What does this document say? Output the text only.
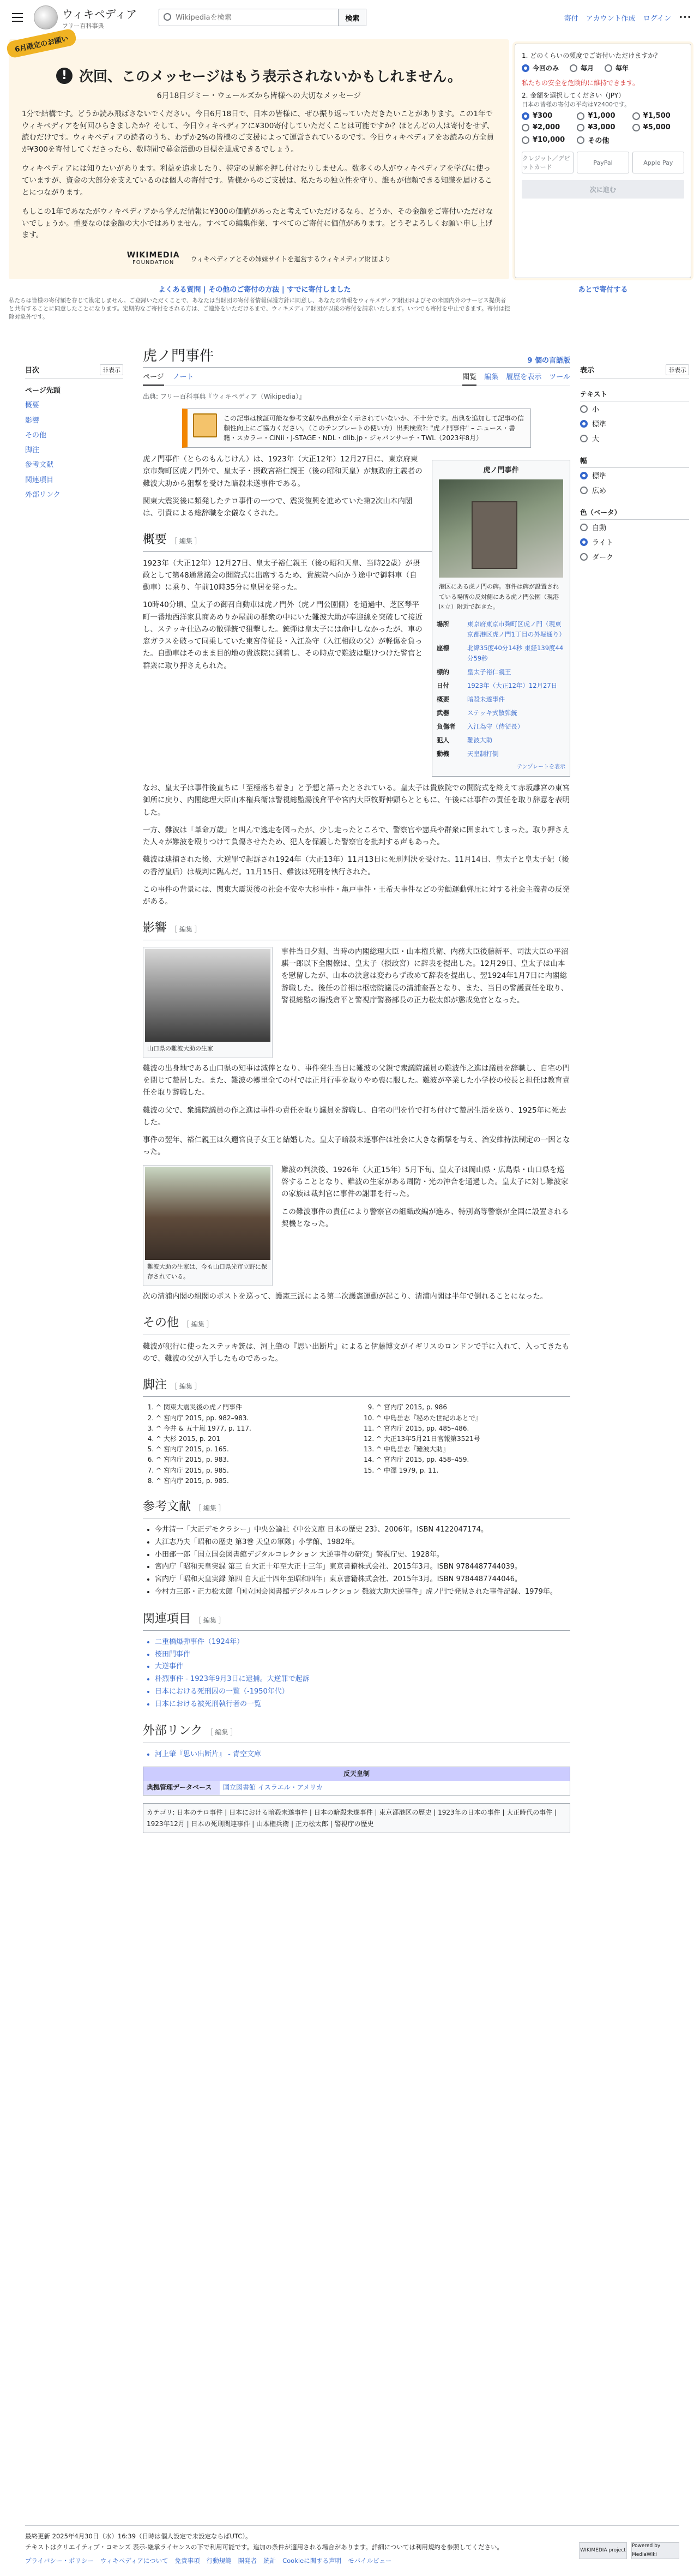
ウィキペディア
フリー百科事典
Wikipediaを検索
検索	寄付 アカウント作成 ログイン •••
6月限定のお願い
! 次回、このメッセージはもう表示されないかもしれません。
6月18日ジミー・ウェールズから皆様への大切なメッセージ

1分で結構です。どうか読み飛ばさないでください。今日6月18日で、日本の皆様に、ぜひ振り返っていただきたいことがあります。この1年でウィキペディアを何回ひらきましたか？そして、今日ウィキペディアに¥300寄付していただくことは可能ですか？ほとんどの人は寄付をせず、読むだけです。ウィキペディアの読者のうち、わずか2%の皆様のご支援によって運営されているのです。今日ウィキペディアをお読みの方全員が¥300を寄付してくださったら、数時間で募金活動の目標を達成できるでしょう。

ウィキペディアには知りたいがあります。利益を追求したり、特定の見解を押し付けたりしません。数多くの人がウィキペディアを学びに使っていますが、資金の大部分を支えているのは個人の寄付です。皆様からのご支援は、私たちの独立性を守り、誰もが信頼できる知識を届けることにつながります。

もしこの1年であなたがウィキペディアから学んだ情報に¥300の価値があったと考えていただけるなら、どうか、その金額をご寄付いただけないでしょうか。重要なのは金額の大小ではありません。すべての編集作業、すべてのご寄付に価値があります。どうぞよろしくお願い申し上げます。

WIKIMEDIA
FOUNDATION
ウィキペディアとその姉妹サイトを運営するウィキメディア財団より
よくある質問 | その他のご寄付の方法 | すでに寄付しました
1. どのくらいの頻度でご寄付いただけますか？
今回のみ	毎月	毎年
私たちの安全を危険的に維持できます。
2. 金額を選択してください（JPY）
日本の皆様の寄付の平均は¥2400です。
¥300	¥1,000	¥1,500
¥2,000	¥3,000	¥5,000
¥10,000	その他
クレジット／デビットカード
PayPal	Apple Pay
次に進む
あとで寄付する
私たちは皆様の寄付額を存じて勘定しません。ご登録いただくことで、あなたは当財団の寄付者情報保護方針に同意し、あなたの情報をウィキメディア財団およびその米国内外のサービス提供者と共有することに同意したことになります。定期的なご寄付をされる方は、ご連絡をいただけるまで、ウィキメディア財団が以後の寄付を請求いたします。いつでも寄付を中止できます。寄付は控除対象外です。
目次	非表示
ページ先頭
概要
影響
その他
脚注
参考文献
関連項目
外部リンク
表示	非表示
テキスト
小
標準
大
幅
標準
広め
色（ベータ）
自動
ライト
ダーク
虎ノ門事件	9 個の言語版
ページ ノート	閲覧 編集 履歴を表示 ツール
出典: フリー百科事典『ウィキペディア（Wikipedia）』
この記事は検証可能な参考文献や出典が全く示されていないか、不十分です。出典を追加して記事の信頼性向上にご協力ください。（このテンプレートの使い方）出典検索?: "虎ノ門事件" – ニュース・書籍・スカラー・CiNii・J-STAGE・NDL・dlib.jp・ジャパンサーチ・TWL（2023年8月）
虎ノ門事件
港区にある虎ノ門の碑。事件は碑が設置されている場所の反対側にある虎ノ門公園（現港区立）附近で起きた。
場所	東京府東京市麹町区虎ノ門（現東京都港区虎ノ門1丁目の外堀通り）
座標	北緯35度40分14秒 東経139度44分59秒
標的	皇太子裕仁親王
日付	1923年（大正12年）12月27日
概要	暗殺未遂事件
武器	ステッキ式散弾銃
負傷者	入江為守（侍従長）
犯人	難波大助
動機	天皇制打倒
テンプレートを表示

虎ノ門事件（とらのもんじけん）は、1923年（大正12年）12月27日に、東京府東京市麹町区虎ノ門外で、皇太子・摂政宮裕仁親王（後の昭和天皇）が無政府主義者の難波大助から狙撃を受けた暗殺未遂事件である。

関東大震災後に頻発したテロ事件の一つで、震災復興を進めていた第2次山本内閣は、引責による総辞職を余儀なくされた。

概要 ［ 編集 ］

1923年（大正12年）12月27日、皇太子裕仁親王（後の昭和天皇、当時22歳）が摂政として第48通常議会の開院式に出席するため、貴族院へ向かう途中で御料車（自動車）に乗り、午前10時35分に皇居を発った。

10時40分頃、皇太子の御召自動車は虎ノ門外（虎ノ門公園側）を通過中、芝区琴平町一番地西洋家具商あめりか屋前の群衆の中にいた難波大助が奉迎線を突破して接近し、ステッキ仕込みの散弾銃で狙撃した。銃弾は皇太子には命中しなかったが、車の窓ガラスを破って同乗していた東宮侍従長・入江為守（入江相政の父）が軽傷を負った。自動車はそのまま目的地の貴族院に到着し、その時点で難波は駆けつけた警官と群衆に取り押さえられた。

なお、皇太子は事件後直ちに「至極落ち着き」と予想と語ったとされている。皇太子は貴族院での開院式を終えて赤坂離宮の東宮御所に戻り、内閣総理大臣山本権兵衛は警視総監湯浅倉平や宮内大臣牧野伸顕らとともに、午後には事件の責任を取り辞意を表明した。

一方、難波は「革命万歳」と叫んで逃走を図ったが、少し走ったところで、警察官や憲兵や群衆に囲まれてしまった。取り押さえた人々が難波を殴りつけて負傷させたため、犯人を保護した警察官を批判する声もあった。

難波は逮捕された後、大逆罪で起訴され1924年（大正13年）11月13日に死刑判決を受けた。11月14日、皇太子と皇太子妃（後の香淳皇后）は裁判に臨んだ。11月15日、難波は死刑を執行された。

この事件の背景には、関東大震災後の社会不安や大杉事件・亀戸事件・王希天事件などの労働運動弾圧に対する社会主義者の反発がある。

影響 ［ 編集 ］
山口県の難波大助の生家

事件当日夕刻、当時の内閣総理大臣・山本権兵衛、内務大臣後藤新平、司法大臣の平沼騏一郎以下全閣僚は、皇太子（摂政宮）に辞表を提出した。12月29日、皇太子は山本を慰留したが、山本の決意は変わらず改めて辞表を提出し、翌1924年1月7日に内閣総辞職した。後任の首相は枢密院議長の清浦奎吾となり、また、当日の警護責任を取り、警視総監の湯浅倉平と警視庁警務部長の正力松太郎が懲戒免官となった。

難波の出身地である山口県の知事は減俸となり、事件発生当日に難波の父親で衆議院議員の難波作之進は議員を辞職し、自宅の門を閉じて蟄居した。また、難波の郷里全ての村では正月行事を取りやめ喪に服した。難波が卒業した小学校の校長と担任は教育責任を取り辞職した。

難波の父で、衆議院議員の作之進は事件の責任を取り議員を辞職し、自宅の門を竹で打ち付けて蟄居生活を送り、1925年に死去した。

事件の翌年、裕仁親王は久邇宮良子女王と結婚した。皇太子暗殺未遂事件は社会に大きな衝撃を与え、治安維持法制定の一因となった。

難波大助の生家は、今も山口県光市立野に保存されている。

難波の判決後、1926年（大正15年）5月下旬、皇太子は岡山県・広島県・山口県を巡啓することとなり、難波の生家がある周防・光の沖合を通過した。皇太子に対し難波家の家族は裁判官に事件の謝罪を行った。

この難波事件の責任により警察官の組織改編が進み、特別高等警察が全国に設置される契機となった。

次の清浦内閣の組閣のポストを巡って、護憲三派による第二次護憲運動が起こり、清浦内閣は半年で倒れることになった。

その他 ［ 編集 ］

難波が犯行に使ったステッキ銃は、河上肇の『思い出断片』によると伊藤博文がイギリスのロンドンで手に入れて、入ってきたもので、難波の父が入手したものであった。

脚注 ［ 編集 ］
1. ^ 関東大震災後の虎ノ門事件
2. ^ 宮内庁 2015, pp. 982–983.
3. ^ 今井 & 五十嵐 1977, p. 117.
4. ^ 大杉 2015, p. 201
5. ^ 宮内庁 2015, p. 165.
6. ^ 宮内庁 2015, p. 983.
7. ^ 宮内庁 2015, p. 985.
8. ^ 宮内庁 2015, p. 985.
9. ^ 宮内庁 2015, p. 986
10. ^ 中島岳志『秘めた世紀のあとで』
11. ^ 宮内庁 2015, pp. 485–486.
12. ^ 大正13年5月21日官報第3521号
13. ^ 中島岳志『難波大助』
14. ^ 宮内庁 2015, pp. 458–459.
15. ^ 中澤 1979, p. 11.
参考文献 ［ 編集 ］
• 今井清一「大正デモクラシー」中央公論社《中公文庫 日本の歴史 23》、2006年。ISBN 4122047174。
• 大江志乃夫「昭和の歴史 第3巻 天皇の軍隊」小学館、1982年。
• 小田部一郎「国立国会図書館デジタルコレクション 大逆事件の研究」警視庁史、1928年。
• 宮内庁「昭和天皇実録 第三 自大正十年至大正十三年」東京書籍株式会社、2015年3月。ISBN 9784487744039。
• 宮内庁「昭和天皇実録 第四 自大正十四年至昭和四年」東京書籍株式会社、2015年3月。ISBN 9784487744046。
• 今村力三郎・正力松太郎「国立国会図書館デジタルコレクション 難波大助大逆事件」虎ノ門で発見された事件記録、1979年。
関連項目 ［ 編集 ］
• 二重橋爆弾事件（1924年）
• 桜田門事件
• 大逆事件
• 朴烈事件 - 1923年9月3日に逮捕。大逆罪で起訴
• 日本における死刑囚の一覧（-1950年代）
• 日本における被死刑執行者の一覧
外部リンク ［ 編集 ］
• 河上肇『思い出断片』 - 青空文庫
反天皇制
典拠管理データベース	国立図書館 イスラエル・アメリカ
カテゴリ: 日本のテロ事件 | 日本における暗殺未遂事件 | 日本の暗殺未遂事件 | 東京都港区の歴史 | 1923年の日本の事件 | 大正時代の事件 | 1923年12月 | 日本の死刑関連事件 | 山本権兵衛 | 正力松太郎 | 警視庁の歴史
最終更新 2025年4月30日（水）16:39（日時は個人設定で未設定ならばUTC）。
テキストはクリエイティブ・コモンズ 表示-継承ライセンスの下で利用可能です。追加の条件が適用される場合があります。詳細については利用規約を参照してください。
プライバシー・ポリシー ウィキペディアについて 免責事項 行動規範 開発者 統計 Cookieに関する声明 モバイルビュー
WIKIMEDIA project
Powered by MediaWiki
